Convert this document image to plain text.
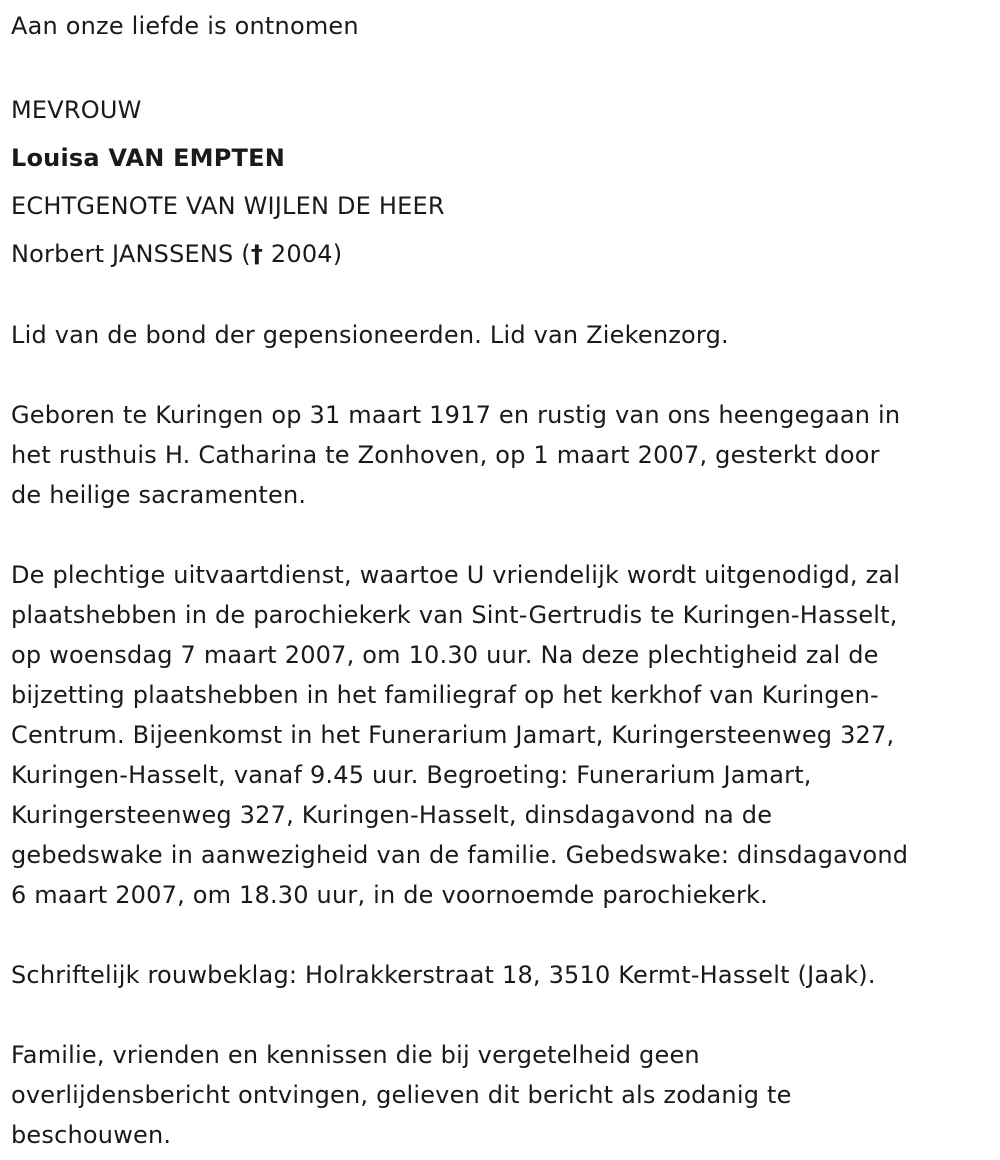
Aan onze liefde is ontnomen

MEVROUW

Louisa VAN EMPTEN

ECHTGENOTE VAN WIJLEN DE HEER

Norbert JANSSENS († 2004)

Lid van de bond der gepensioneerden. Lid van Ziekenzorg.

Geboren te Kuringen op 31 maart 1917 en rustig van ons heengegaan in

het rusthuis H. Catharina te Zonhoven, op 1 maart 2007, gesterkt door

de heilige sacramenten.

De plechtige uitvaartdienst, waartoe U vriendelijk wordt uitgenodigd, zal

plaatshebben in de parochiekerk van Sint-Gertrudis te Kuringen-Hasselt,

op woensdag 7 maart 2007, om 10.30 uur. Na deze plechtigheid zal de

bijzetting plaatshebben in het familiegraf op het kerkhof van Kuringen-

Centrum. Bijeenkomst in het Funerarium Jamart, Kuringersteenweg 327,

Kuringen-Hasselt, vanaf 9.45 uur. Begroeting: Funerarium Jamart,

Kuringersteenweg 327, Kuringen-Hasselt, dinsdagavond na de

gebedswake in aanwezigheid van de familie. Gebedswake: dinsdagavond

6 maart 2007, om 18.30 uur, in de voornoemde parochiekerk.

Schriftelijk rouwbeklag: Holrakkerstraat 18, 3510 Kermt-Hasselt (Jaak).

Familie, vrienden en kennissen die bij vergetelheid geen

overlijdensbericht ontvingen, gelieven dit bericht als zodanig te

beschouwen.
